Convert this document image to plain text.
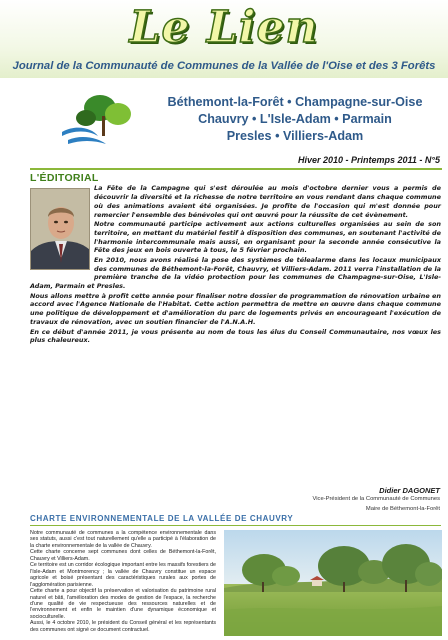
Le Lien
Journal de la Communauté de Communes de la Vallée de l'Oise et des 3 Forêts
Béthemont-la-Forêt • Champagne-sur-Oise
Chauvry • L'Isle-Adam • Parmain
Presles • Villiers-Adam
Hiver 2010 - Printemps 2011 - N°5
L'ÉDITORIAL

La Fête de la Campagne qui s'est déroulée au mois d'octobre dernier vous a permis de découvrir la diversité et la richesse de notre territoire en vous rendant dans chaque commune où des animations avaient été organisées. Je profite de l'occasion qui m'est donnée pour remercier l'ensemble des bénévoles qui ont œuvré pour la réussite de cet évènement.

Notre communauté participe activement aux actions culturelles organisées au sein de son territoire, en mettant du matériel festif à disposition des communes, en soutenant l'activité de l'harmonie intercommunale mais aussi, en organisant pour la seconde année consécutive la Fête des jeux en bois ouverte à tous, le 5 février prochain.

En 2010, nous avons réalisé la pose des systèmes de télealarme dans les locaux municipaux des communes de Béthemont-la-Forêt, Chauvry, et Villiers-Adam. 2011 verra l'installation de la première tranche de la vidéo protection pour les communes de Champagne-sur-Oise, L'Isle-Adam, Parmain et Presles.

Nous allons mettre à profit cette année pour finaliser notre dossier de programmation de rénovation urbaine en accord avec l'Agence Nationale de l'Habitat. Cette action permettra de mettre en œuvre dans chaque commune une politique de développement et d'amélioration du parc de logements privés en encourageant l'exécution de travaux de rénovation, avec un soutien financier de l'A.N.A.H.

En ce début d'année 2011, je vous présente au nom de tous les élus du Conseil Communautaire, nos vœux les plus chaleureux.

Didier DAGONET
Vice-Président de la Communauté de Communes
Maire de Béthemont-la-Forêt
CHARTE ENVIRONNEMENTALE DE LA VALLÉE DE CHAUVRY

Notre communauté de communes a la compétence environnementale dans ses statuts, aussi c'est tout naturellement qu'elle a participé à l'élaboration de la charte environnementale de la vallée de Chauvry.

Cette charte concerne sept communes dont celles de Béthemont-la-Forêt, Chauvry et Villiers-Adam.

Ce territoire est un corridor écologique important entre les massifs forestiers de l'Isle-Adam et Montmorency ; la vallée de Chauvry constitue un espace agricole et boisé présentant des caractéristiques rurales aux portes de l'agglomération parisienne.

Cette charte a pour objectif la préservation et valorisation du patrimoine rural naturel et bâti, l'amélioration des modes de gestion de l'espace, la recherche d'une qualité de vie respectueuse des ressources naturelles et de l'environnement et enfin le maintien d'une dynamique économique et socioculturelle.

Aussi, le 4 octobre 2010, le président du Conseil général et les représentants des communes ont signé ce document contractuel.
